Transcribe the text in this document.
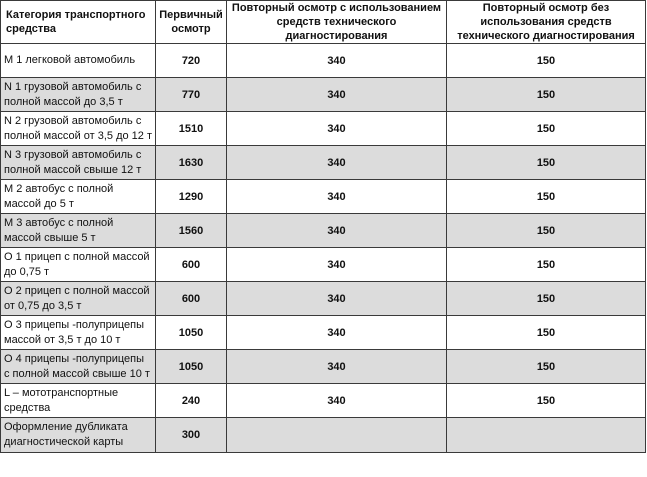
Категория транспортного средства	Первичный осмотр	Повторный осмотр с использованием средств технического диагностирования	Повторный осмотр без использования средств технического диагностирования
М 1 легковой автомобиль	720	340	150
N 1 грузовой автомобиль с полной массой до 3,5 т	770	340	150
N 2 грузовой автомобиль с полной массой от 3,5 до 12 т	1510	340	150
N 3 грузовой автомобиль с полной массой свыше 12 т	1630	340	150
М 2 автобус с полной массой до 5 т	1290	340	150
М 3 автобус с полной массой свыше 5 т	1560	340	150
О 1 прицеп с полной массой до 0,75 т	600	340	150
О 2 прицеп с полной массой от 0,75 до 3,5 т	600	340	150
О 3 прицепы -полуприцепы массой от 3,5 т до 10 т	1050	340	150
О 4 прицепы -полуприцепы с полной массой свыше 10 т	1050	340	150
L – мототранспортные средства	240	340	150
Оформление дубликата диагностической карты	300		
